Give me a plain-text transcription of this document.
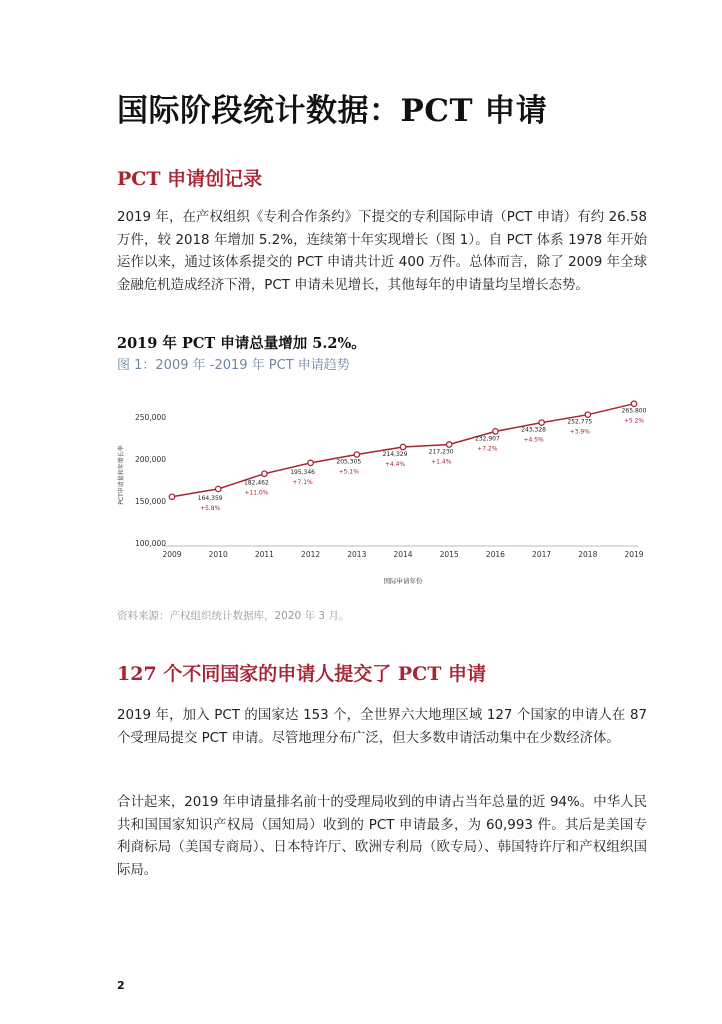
国际阶段统计数据：PCT 申请
PCT 申请创记录

2019 年，在产权组织《专利合作条约》下提交的专利国际申请（PCT 申请）有约 26.58 万件，较 2018 年增加 5.2%，连续第十年实现增长（图 1）。自 PCT 体系 1978 年开始运作以来，通过该体系提交的 PCT 申请共计近 400 万件。总体而言，除了 2009 年全球金融危机造成经济下滑，PCT 申请未见增长，其他每年的申请量均呈增长态势。

2019 年 PCT 申请总量增加 5.2%。

图 1：2009 年 -2019 年 PCT 申请趋势

100,000
150,000
200,000
250,000
2009	2010	2011	2012	2013	2014	2015	2016	2017	2018	2019
国际申请年份
PCT申请量和年增长率	164,359
+5.8%
182,462
+11.0%
195,346
+7.1%
205,305
+5.1%
214,329
+4.4%
217,230
+1.4%
232,907
+7.2%
243,328
+4.5%
252,775
+3.9%
265,800
+5.2%

资料来源：产权组织统计数据库，2020 年 3 月。

127 个不同国家的申请人提交了 PCT 申请

2019 年，加入 PCT 的国家达 153 个，全世界六大地理区域 127 个国家的申请人在 87 个受理局提交 PCT 申请。尽管地理分布广泛，但大多数申请活动集中在少数经济体。

合计起来，2019 年申请量排名前十的受理局收到的申请占当年总量的近 94%。中华人民共和国国家知识产权局（国知局）收到的 PCT 申请最多，为 60,993 件。其后是美国专利商标局（美国专商局）、日本特许厅、欧洲专利局（欧专局）、韩国特许厅和产权组织国际局。

2
